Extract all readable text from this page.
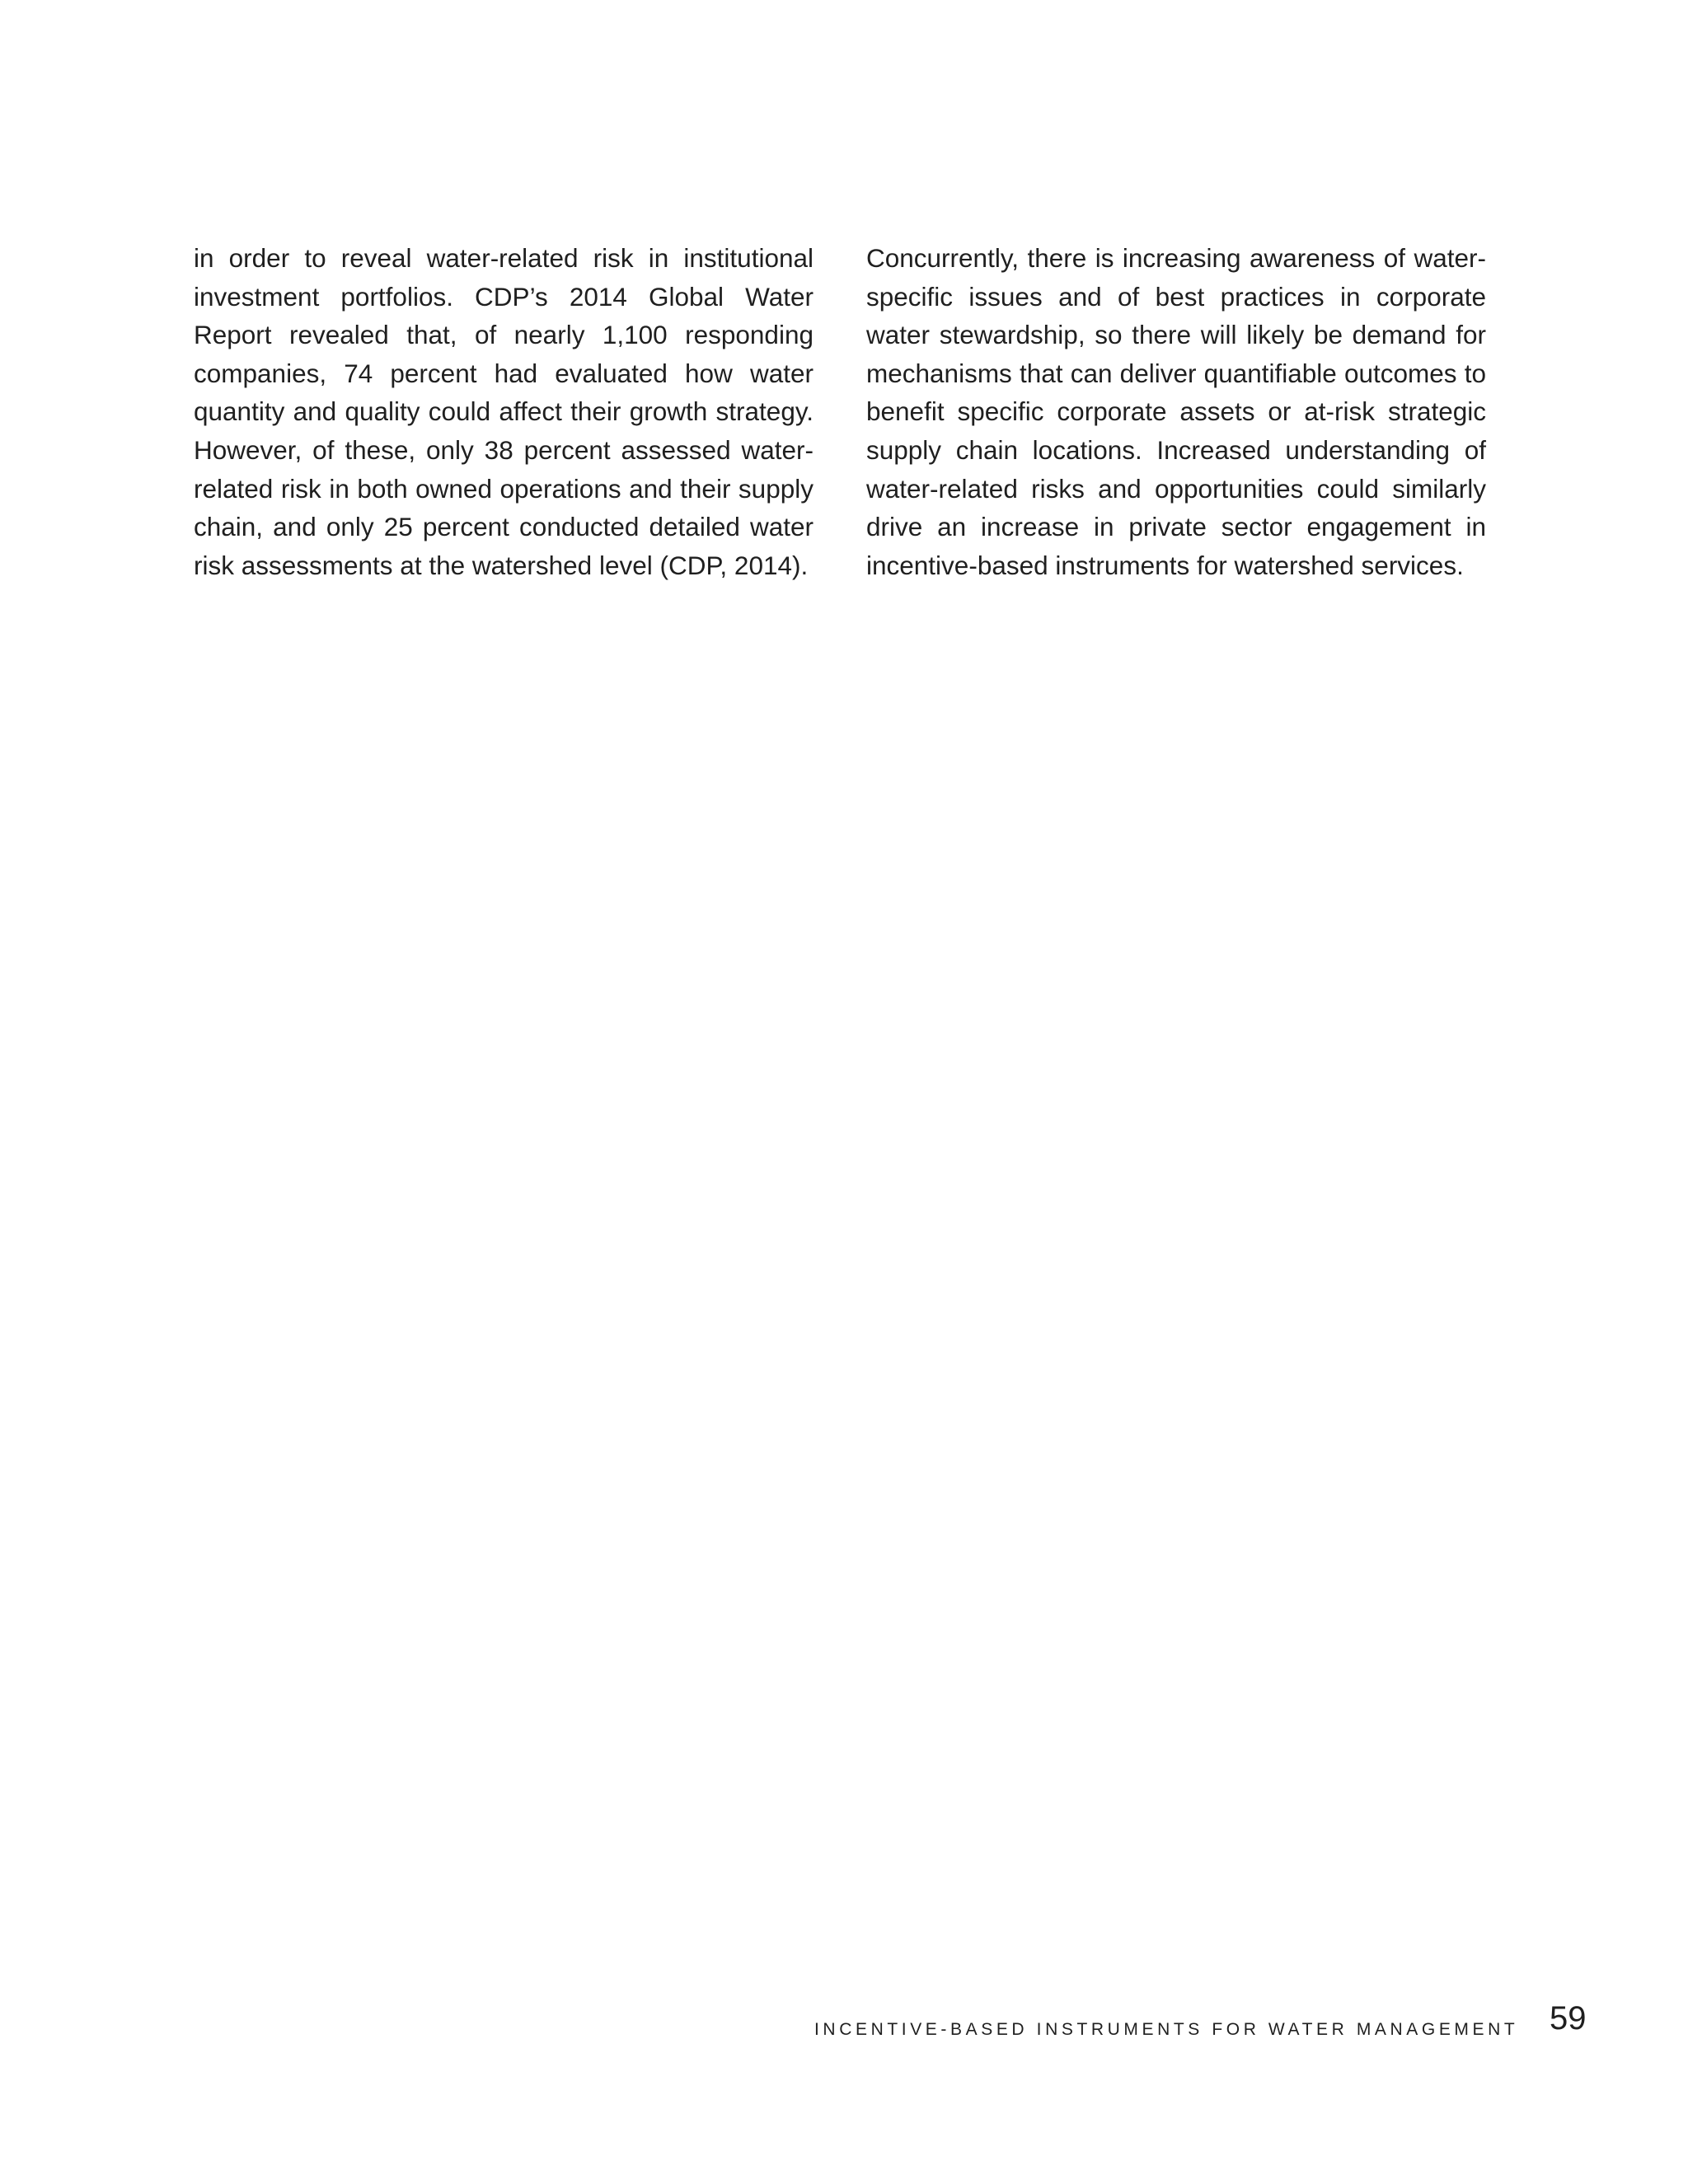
in order to reveal water-related risk in institutional investment portfolios. CDP’s 2014 Global Water Report revealed that, of nearly 1,100 responding companies, 74 percent had evaluated how water quantity and quality could affect their growth strategy. However, of these, only 38 percent assessed water-related risk in both owned operations and their supply chain, and only 25 percent conducted detailed water risk assessments at the watershed level (CDP, 2014).

Concurrently, there is increasing awareness of water-specific issues and of best practices in corporate water stewardship, so there will likely be demand for mechanisms that can deliver quantifiable outcomes to benefit specific corporate assets or at-risk strategic supply chain locations. Increased understanding of water-related risks and opportunities could similarly drive an increase in private sector engagement in incentive-based instruments for watershed services.

INCENTIVE-BASED INSTRUMENTS FOR WATER MANAGEMENT 59
